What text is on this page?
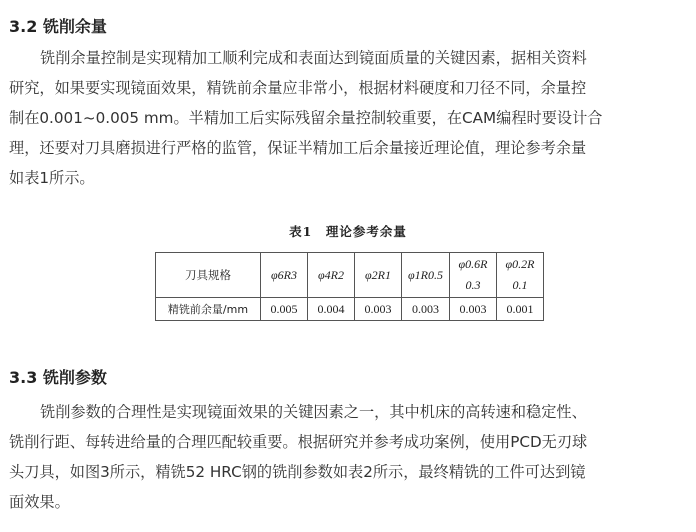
3.2 铣削余量
铣削余量控制是实现精加工顺利完成和表面达到镜面质量的关键因素，据相关资料
研究，如果要实现镜面效果，精铣前余量应非常小，根据材料硬度和刀径不同，余量控
制在0.001~0.005 mm。半精加工后实际残留余量控制较重要，在CAM编程时要设计合
理，还要对刀具磨损进行严格的监管，保证半精加工后余量接近理论值，理论参考余量
如表1所示。
表1　理论参考余量
刀具规格	φ6R3	φ4R2	φ2R1	φ1R0.5	φ0.6R 0.3	φ0.2R 0.1
精铣前余量/mm	0.005	0.004	0.003	0.003	0.003	0.001
3.3 铣削参数
铣削参数的合理性是实现镜面效果的关键因素之一，其中机床的高转速和稳定性、
铣削行距、每转进给量的合理匹配较重要。根据研究并参考成功案例，使用PCD无刃球
头刀具，如图3所示，精铣52 HRC钢的铣削参数如表2所示，最终精铣的工件可达到镜
面效果。
